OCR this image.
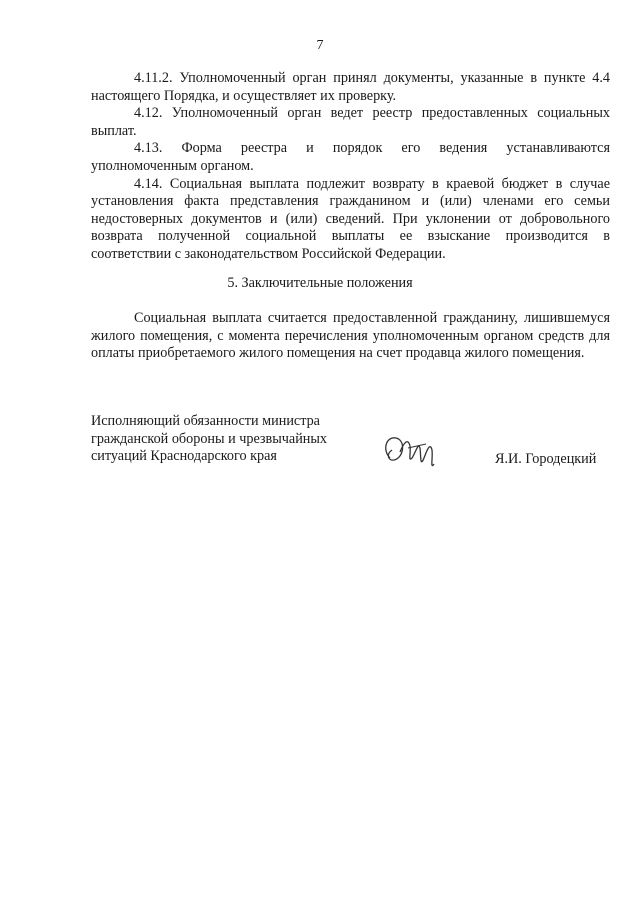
7

4.11.2. Уполномоченный орган принял документы, указанные в пункте 4.4 настоящего Порядка, и осуществляет их проверку.

4.12. Уполномоченный орган ведет реестр предоставленных социальных выплат.

4.13. Форма реестра и порядок его ведения устанавливаются уполномоченным органом.

4.14. Социальная выплата подлежит возврату в краевой бюджет в случае установления факта представления гражданином и (или) членами его семьи недостоверных документов и (или) сведений. При уклонении от добровольного возврата полученной социальной выплаты ее взыскание производится в соответствии с законодательством Российской Федерации.

5. Заключительные положения

Социальная выплата считается предоставленной гражданину, лишившемуся жилого помещения, с момента перечисления уполномоченным органом средств для оплаты приобретаемого жилого помещения на счет продавца жилого помещения.

Исполняющий обязанности министра
гражданской обороны и чрезвычайных
ситуаций Краснодарского края	Я.И. Городецкий
